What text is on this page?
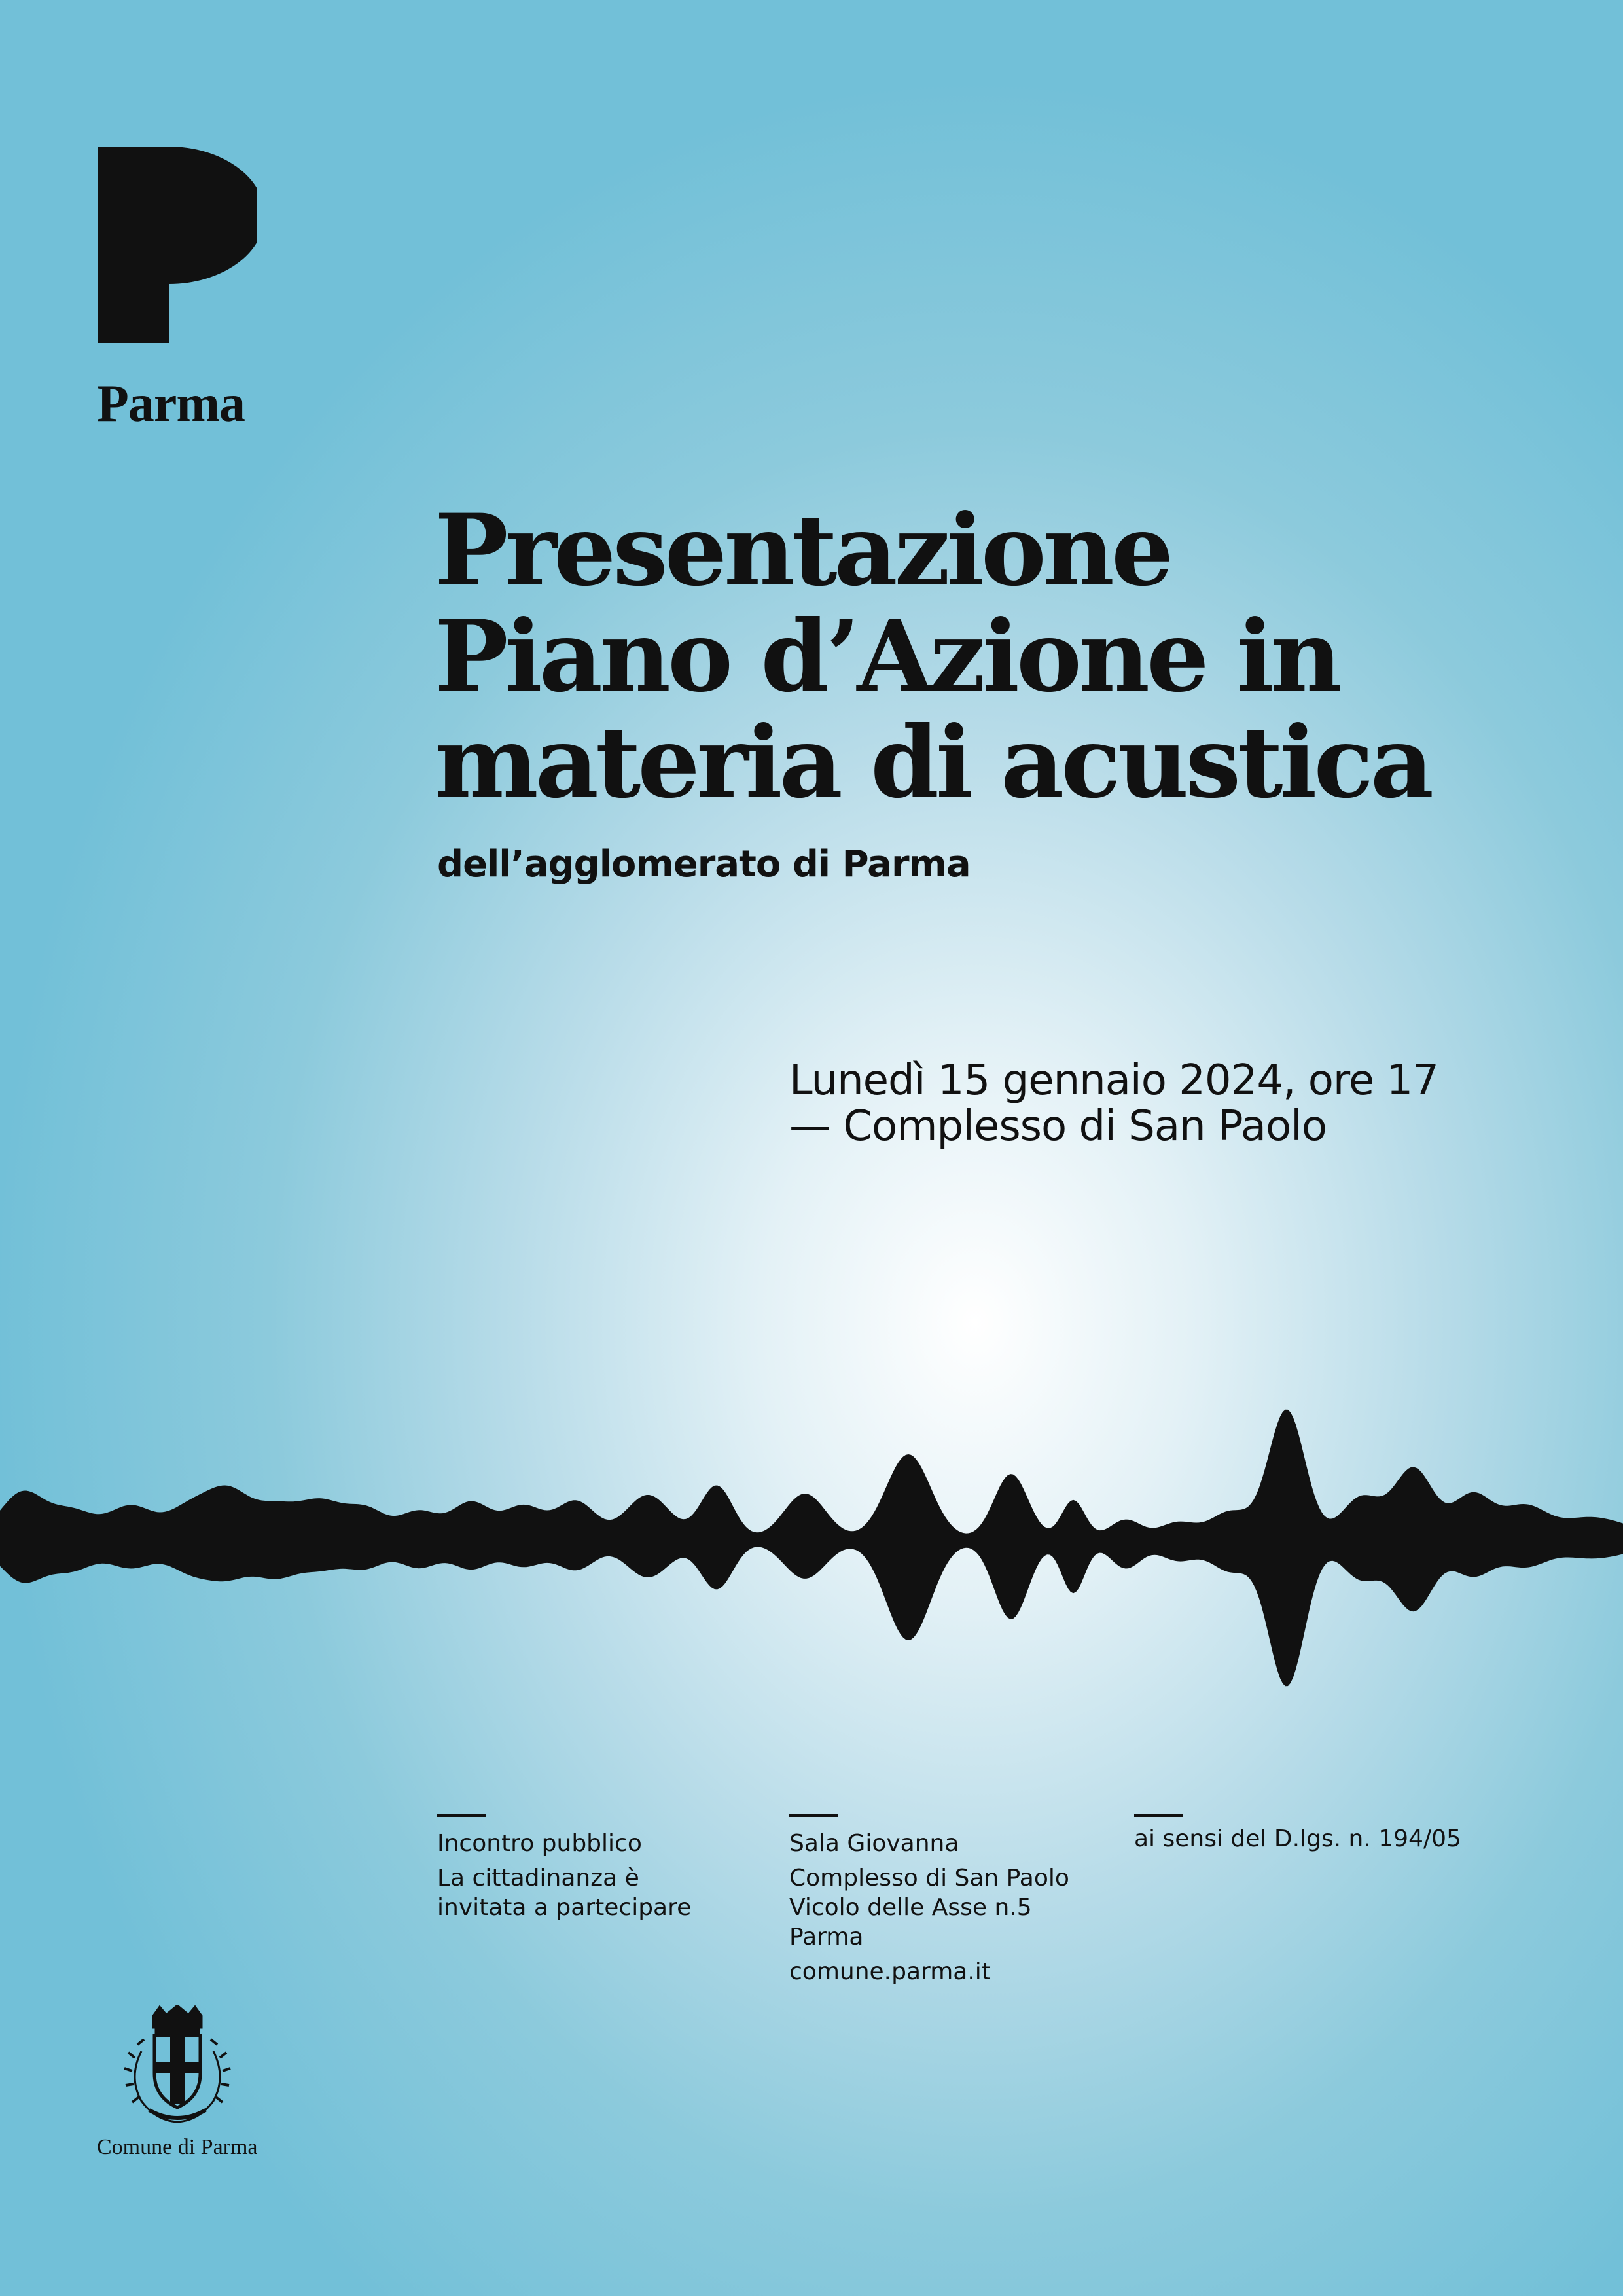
Parma
Presentazione
Piano d’Azione in
materia di acustica
dell’agglomerato di Parma
Lunedì 15 gennaio 2024, ore 17
— Complesso di San Paolo
Incontro pubblico
La cittadinanza è
invitata a partecipare
Sala Giovanna
Complesso di San Paolo
Vicolo delle Asse n.5
Parma
comune.parma.it
ai sensi del D.lgs. n. 194/05
Comune di Parma
